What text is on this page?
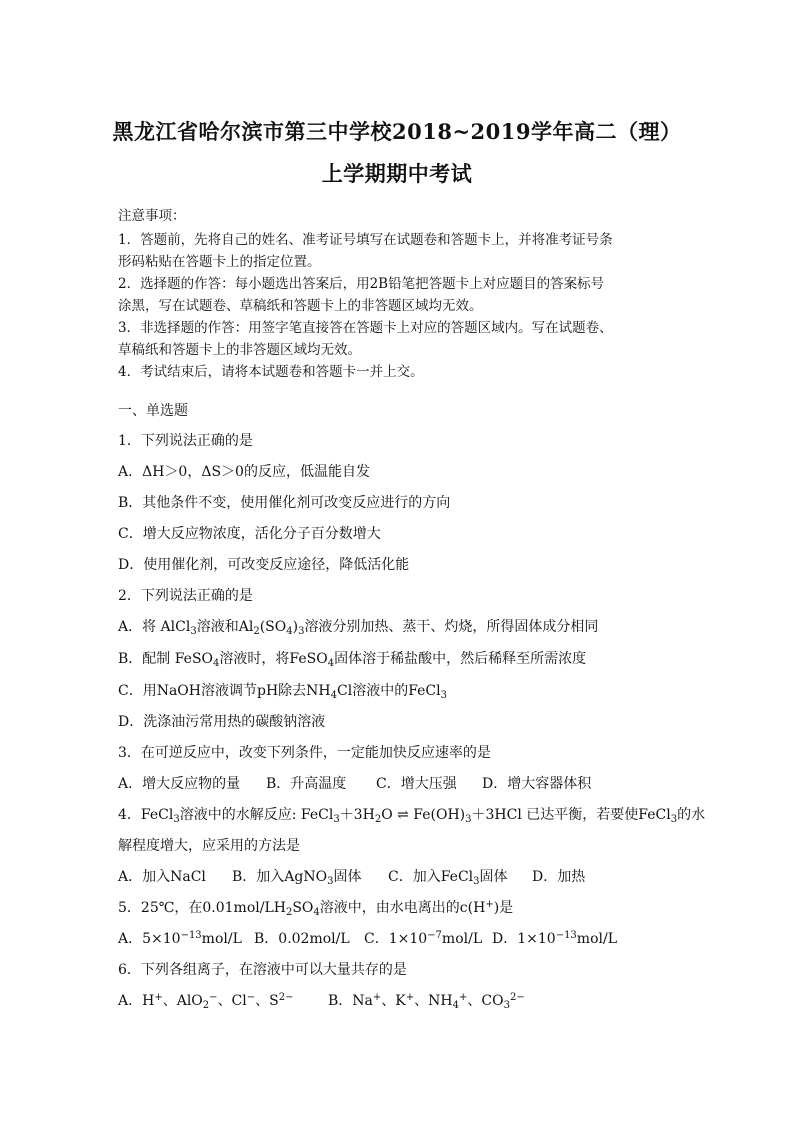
黑龙江省哈尔滨市第三中学校2018~2019学年高二（理）
上学期期中考试
注意事项：
1．答题前，先将自己的姓名、准考证号填写在试题卷和答题卡上，并将准考证号条
形码粘贴在答题卡上的指定位置。
2．选择题的作答：每小题选出答案后，用2B铅笔把答题卡上对应题目的答案标号
涂黑，写在试题卷、草稿纸和答题卡上的非答题区域均无效。
3．非选择题的作答：用签字笔直接答在答题卡上对应的答题区域内。写在试题卷、
草稿纸和答题卡上的非答题区域均无效。
4．考试结束后，请将本试题卷和答题卡一并上交。
一、单选题
1．下列说法正确的是
A．ΔH＞0，ΔS＞0的反应，低温能自发
B．其他条件不变，使用催化剂可改变反应进行的方向
C．增大反应物浓度，活化分子百分数增大
D．使用催化剂，可改变反应途径，降低活化能
2．下列说法正确的是
A．将 AlCl$_3$溶液和$Al_2(SO_4)_3$溶液分别加热、蒸干、灼烧，所得固体成分相同
B．配制 FeSO$_4$溶液时，将FeSO$_4$固体溶于稀盐酸中，然后稀释至所需浓度
C．用NaOH溶液调节pH除去$NH_4Cl$溶液中的FeCl$_3$
D．洗涤油污常用热的碳酸钠溶液
3．在可逆反应中，改变下列条件，一定能加快反应速率的是
A．增大反应物的量 B．升高温度 C．增大压强 D．增大容器体积
4．FeCl$_3$溶液中的水解反应: $FeCl_3+3H_2O$ ⇌ $Fe(OH)_3+3HCl$ 已达平衡，若要使FeCl$_3$的水
解程度增大，应采用的方法是
A．加入NaCl B．加入AgNO$_3$固体 C．加入FeCl$_3$固体 D．加热
5．25℃，在$0.01mol/LH_2SO_4$溶液中，由水电离出的c(H+)是
A．$5\times 10^{-13}mol/L$ B．0.02mol/L C．$1\times 10^{-7}mol/L$ D．$1\times 10^{-13}mol/L$
6．下列各组离子，在溶液中可以大量共存的是
A．H+、AlO$_2$−、Cl−、$S^{2-}$ B．Na+、K+、$NH_4^+$、$CO_3^{2-}$
